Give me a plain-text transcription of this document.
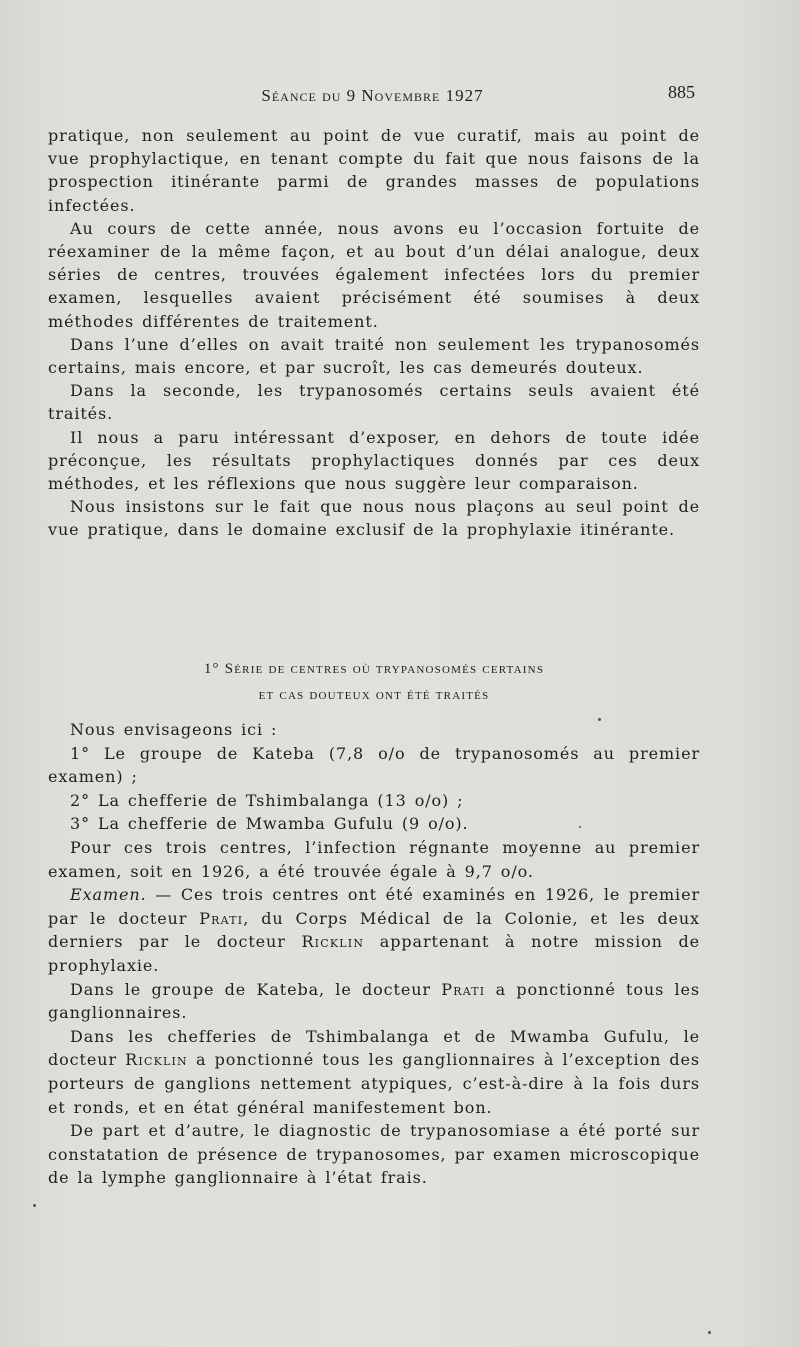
Séance du 9 Novembre 1927	885

pratique, non seulement au point de vue curatif, mais au point de vue prophylactique, en tenant compte du fait que nous faisons de la prospection itinérante parmi de grandes masses de populations infectées.

Au cours de cette année, nous avons eu l’occasion fortuite de réexaminer de la même façon, et au bout d’un délai analogue, deux séries de centres, trouvées également infectées lors du premier examen, lesquelles avaient précisément été soumises à deux méthodes différentes de traitement.

Dans l’une d’elles on avait traité non seulement les trypanosomés certains, mais encore, et par sucroît, les cas demeurés douteux.

Dans la seconde, les trypanosomés certains seuls avaient été traités.

Il nous a paru intéressant d’exposer, en dehors de toute idée préconçue, les résultats prophylactiques donnés par ces deux méthodes, et les réflexions que nous suggère leur comparaison.

Nous insistons sur le fait que nous nous plaçons au seul point de vue pratique, dans le domaine exclusif de la prophylaxie itinérante.

1° Série de centres où trypanosomés certains
et cas douteux ont été traités

Nous envisageons ici :

1° Le groupe de Kateba (7,8 o/o de trypanosomés au premier examen) ;

2° La chefferie de Tshimbalanga (13 o/o) ;

3° La chefferie de Mwamba Gufulu (9 o/o).

Pour ces trois centres, l’infection régnante moyenne au premier examen, soit en 1926, a été trouvée égale à 9,7 o/o.

Examen. — Ces trois centres ont été examinés en 1926, le premier par le docteur Prati, du Corps Médical de la Colonie, et les deux derniers par le docteur Ricklin appartenant à notre mission de prophylaxie.

Dans le groupe de Kateba, le docteur Prati a ponctionné tous les ganglionnaires.

Dans les chefferies de Tshimbalanga et de Mwamba Gufulu, le docteur Ricklin a ponctionné tous les ganglionnaires à l’exception des porteurs de ganglions nettement atypiques, c’est-à-dire à la fois durs et ronds, et en état général manifestement bon.

De part et d’autre, le diagnostic de trypanosomiase a été porté sur constatation de présence de trypanosomes, par examen microscopique de la lymphe ganglionnaire à l’état frais.
